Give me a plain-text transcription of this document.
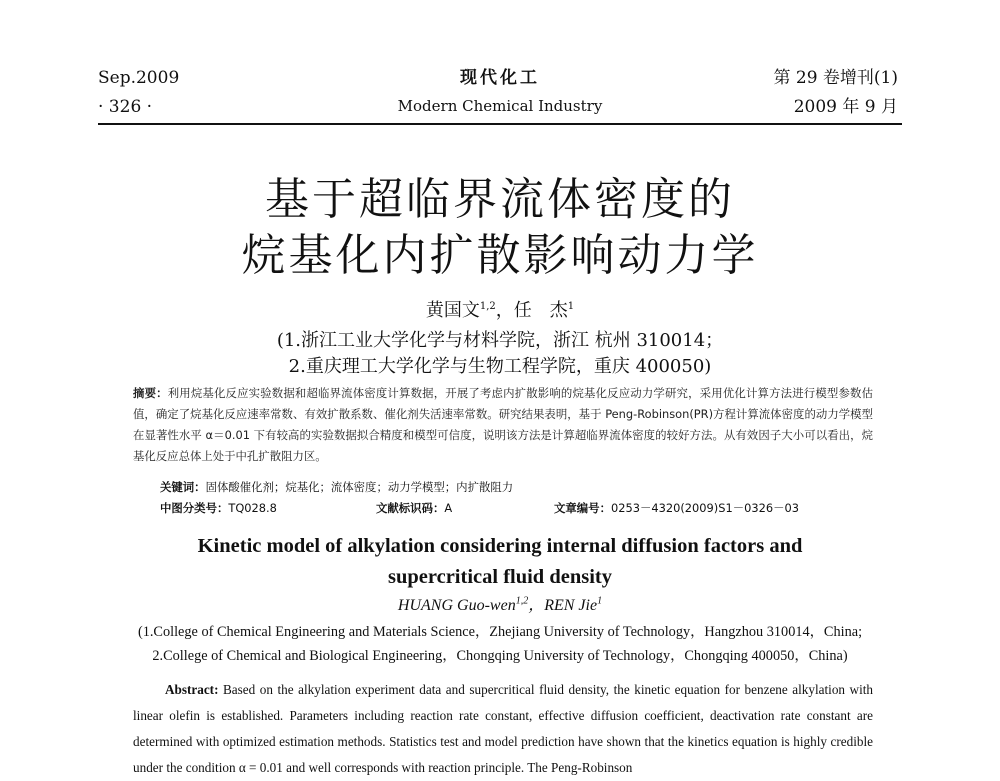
Sep.2009
· 326 ·
现代化工
Modern Chemical Industry
第 29 卷增刊(1)
2009 年 9 月
基于超临界流体密度的
烷基化内扩散影响动力学
黄国文$^{1,2}$，任　杰$^1$
(1.浙江工业大学化学与材料学院，浙江 杭州 310014；
2.重庆理工大学化学与生物工程学院，重庆 400050)
摘要：利用烷基化反应实验数据和超临界流体密度计算数据，开展了考虑内扩散影响的烷基化反应动力学研究，采用优化计算方法进行模型参数估值，确定了烷基化反应速率常数、有效扩散系数、催化剂失活速率常数。研究结果表明，基于 Peng-Robinson(PR)方程计算流体密度的动力学模型在显著性水平 α＝0.01 下有较高的实验数据拟合精度和模型可信度，说明该方法是计算超临界流体密度的较好方法。从有效因子大小可以看出，烷基化反应总体上处于中孔扩散阻力区。
关键词：固体酸催化剂；烷基化；流体密度；动力学模型；内扩散阻力
中图分类号：TQ028.8	文献标识码：A	文章编号：0253－4320(2009)S1－0326－03
Kinetic model of alkylation considering internal diffusion factors and
supercritical fluid density
HUANG Guo-wen$^{1,2}$，REN Jie$^1$
(1.College of Chemical Engineering and Materials Science，Zhejiang University of Technology，Hangzhou 310014，China;
2.College of Chemical and Biological Engineering，Chongqing University of Technology，Chongqing 400050，China)
Abstract: Based on the alkylation experiment data and supercritical fluid density, the kinetic equation for benzene alkylation with linear olefin is established. Parameters including reaction rate constant, effective diffusion coefficient, deactivation rate constant are determined with optimized estimation methods. Statistics test and model prediction have shown that the kinetics equation is highly credible under the condition α = 0.01 and well corresponds with reaction principle. The Peng-Robinson
